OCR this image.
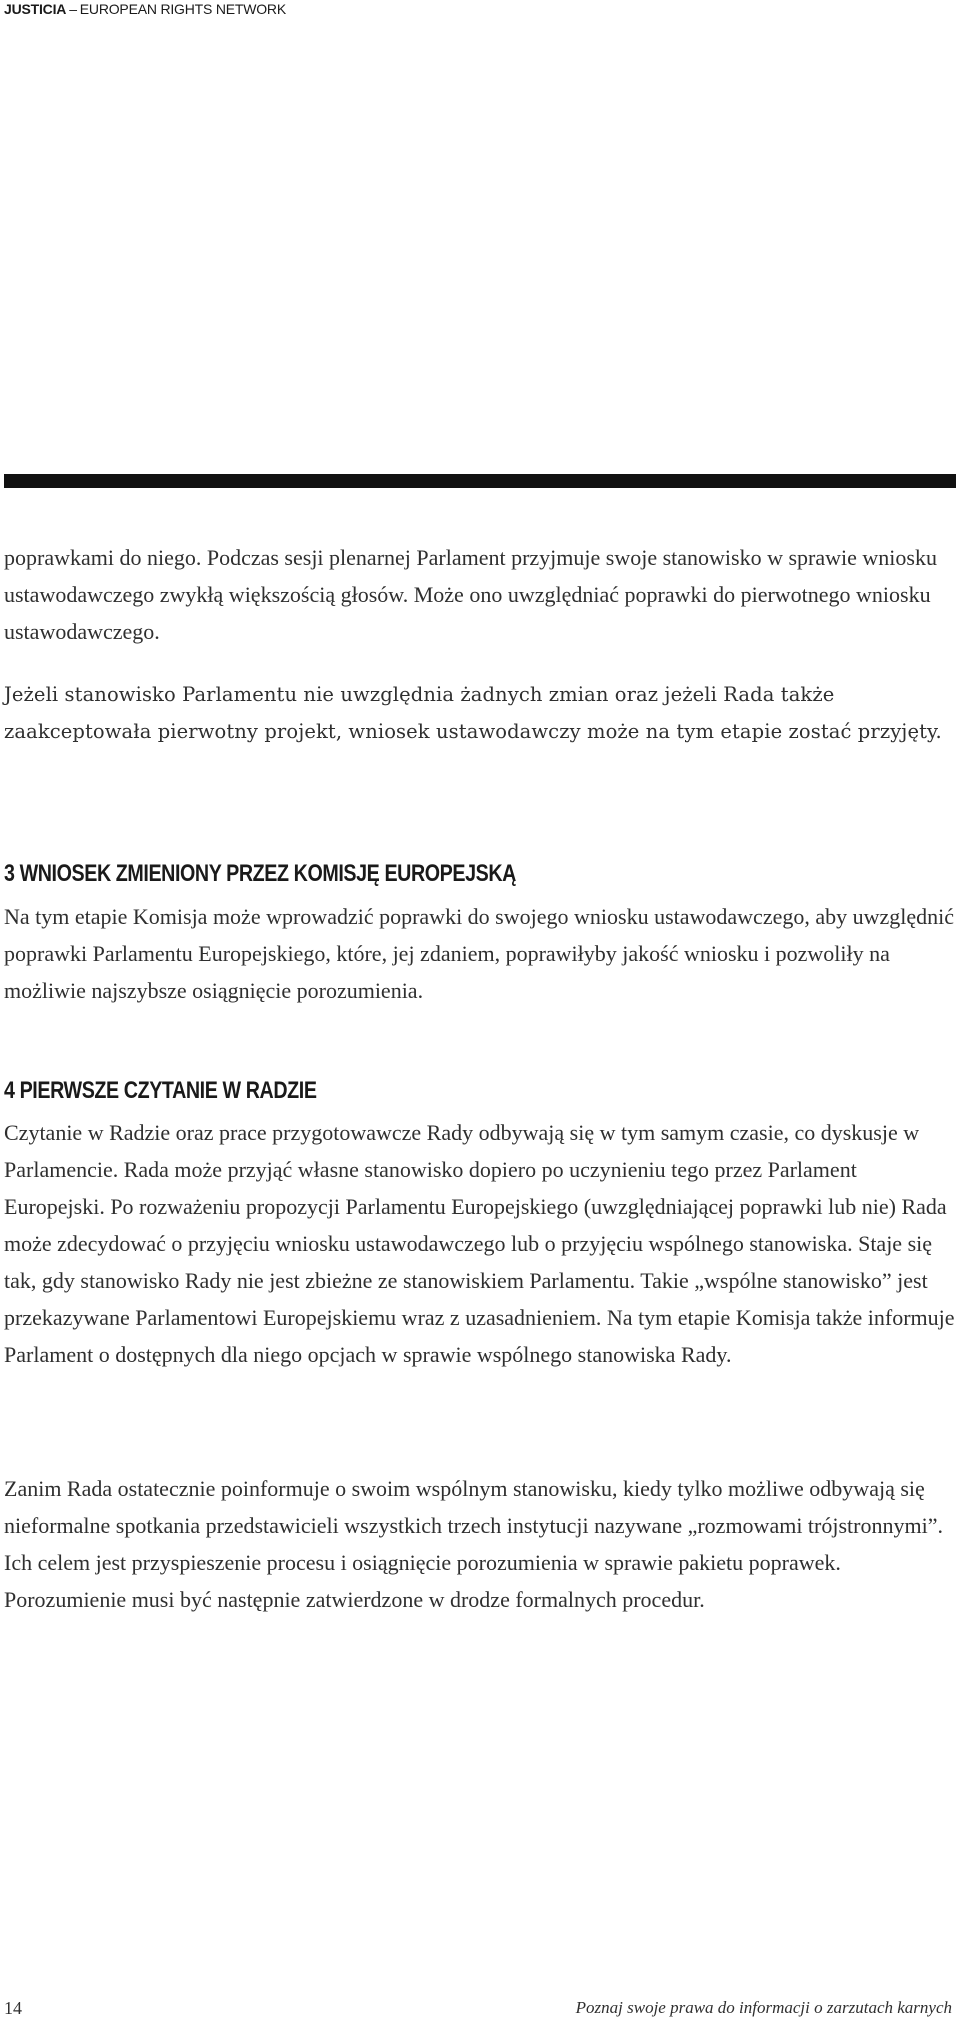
JUSTICIA – EUROPEAN RIGHTS NETWORK

poprawkami do niego. Podczas sesji plenarnej Parlament przyjmuje swoje stanowisko w sprawie wniosku ustawodawczego zwykłą większością głosów. Może ono uwzględniać poprawki do pierwotnego wniosku ustawodawczego.

Jeżeli stanowisko Parlamentu nie uwzględnia żadnych zmian oraz jeżeli Rada także zaakceptowała pierwotny projekt, wniosek ustawodawczy może na tym etapie zostać przyjęty.

3 WNIOSEK ZMIENIONY PRZEZ KOMISJĘ EUROPEJSKĄ

Na tym etapie Komisja może wprowadzić poprawki do swojego wniosku ustawodawczego, aby uwzględnić poprawki Parlamentu Europejskiego, które, jej zdaniem, poprawiłyby jakość wniosku i pozwoliły na możliwie najszybsze osiągnięcie porozumienia.

4 PIERWSZE CZYTANIE W RADZIE

Czytanie w Radzie oraz prace przygotowawcze Rady odbywają się w tym samym czasie, co dyskusje w Parlamencie. Rada może przyjąć własne stanowisko dopiero po uczynieniu tego przez Parlament Europejski. Po rozważeniu propozycji Parlamentu Europejskiego (uwzględniającej poprawki lub nie) Rada może zdecydować o przyjęciu wniosku ustawodawczego lub o przyjęciu wspólnego stanowiska. Staje się tak, gdy stanowisko Rady nie jest zbieżne ze stanowiskiem Parlamentu. Takie „wspólne stanowisko” jest przekazywane Parlamentowi Europejskiemu wraz z uzasadnieniem. Na tym etapie Komisja także informuje Parlament o dostępnych dla niego opcjach w sprawie wspólnego stanowiska Rady.

Zanim Rada ostatecznie poinformuje o swoim wspólnym stanowisku, kiedy tylko możliwe odbywają się nieformalne spotkania przedstawicieli wszystkich trzech instytucji nazywane „rozmowami trójstronnymi”. Ich celem jest przyspieszenie procesu i osiągnięcie porozumienia w sprawie pakietu poprawek. Porozumienie musi być następnie zatwierdzone w drodze formalnych procedur.

14	Poznaj swoje prawa do informacji o zarzutach karnych
